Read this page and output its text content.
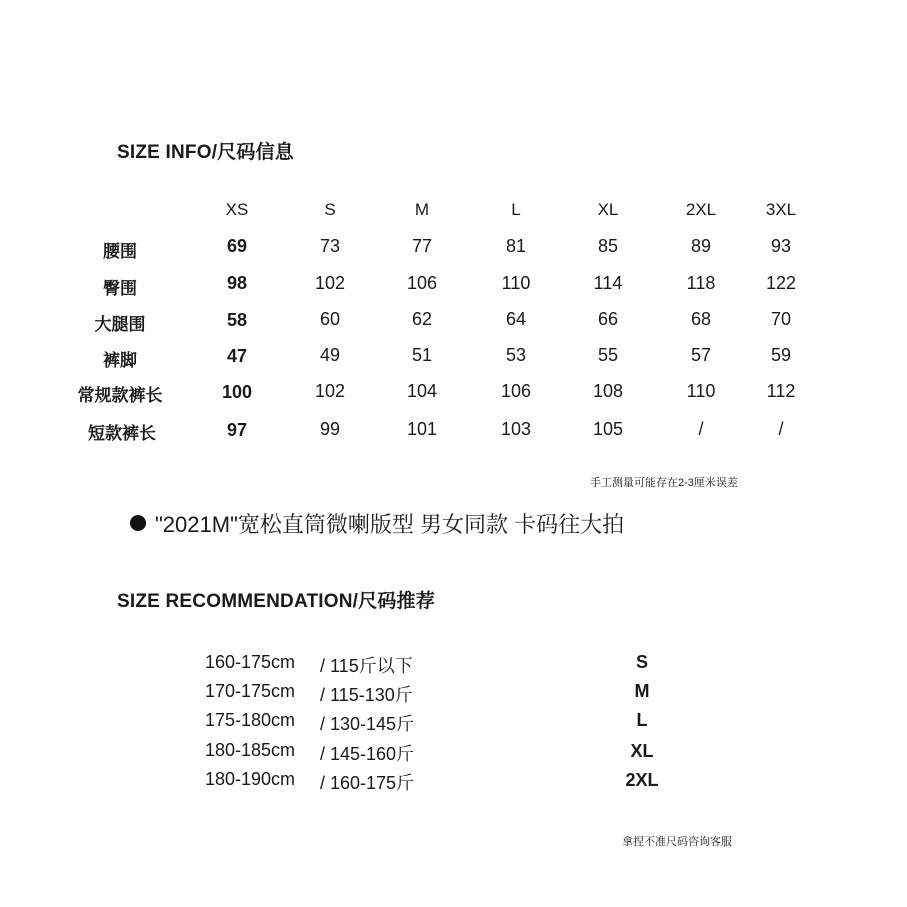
SIZE INFO/尺码信息
XS	S	M	L	XL	2XL	3XL
腰围	69	73	77	81	85	89	93
臀围	98	102	106	110	114	118	122
大腿围	58	60	62	64	66	68	70
裤脚	47	49	51	53	55	57	59
常规款裤长	100	102	104	106	108	110	112
短款裤长	97	99	101	103	105	/	/
手工测量可能存在2-3厘米误差
"2021M"宽松直筒微喇版型 男女同款 卡码往大拍
SIZE RECOMMENDATION/尺码推荐
160-175cm / 115斤以下	S
170-175cm / 115-130斤	M
175-180cm / 130-145斤	L
180-185cm / 145-160斤	XL
180-190cm / 160-175斤	2XL
拿捏不准尺码咨询客服
